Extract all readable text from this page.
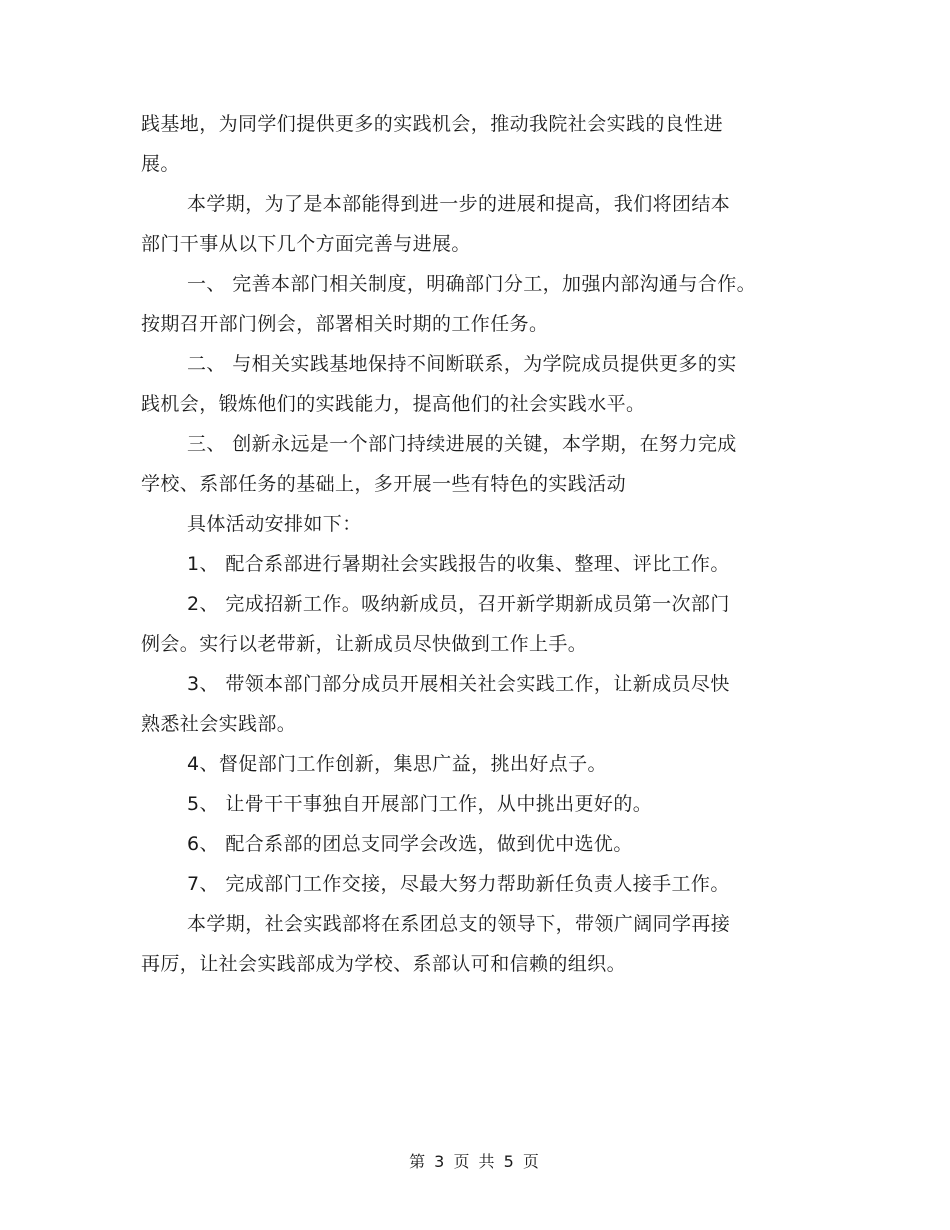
践基地，为同学们提供更多的实践机会，推动我院社会实践的良性进
展。
本学期，为了是本部能得到进一步的进展和提高，我们将团结本
部门干事从以下几个方面完善与进展。
一、 完善本部门相关制度，明确部门分工，加强内部沟通与合作。
按期召开部门例会，部署相关时期的工作任务。
二、 与相关实践基地保持不间断联系，为学院成员提供更多的实
践机会，锻炼他们的实践能力，提高他们的社会实践水平。
三、 创新永远是一个部门持续进展的关键，本学期，在努力完成
学校、系部任务的基础上，多开展一些有特色的实践活动
具体活动安排如下：
1、 配合系部进行暑期社会实践报告的收集、整理、评比工作。
2、 完成招新工作。吸纳新成员，召开新学期新成员第一次部门
例会。实行以老带新，让新成员尽快做到工作上手。
3、 带领本部门部分成员开展相关社会实践工作，让新成员尽快
熟悉社会实践部。
4、督促部门工作创新，集思广益，挑出好点子。
5、 让骨干干事独自开展部门工作，从中挑出更好的。
6、 配合系部的团总支同学会改选，做到优中选优。
7、 完成部门工作交接，尽最大努力帮助新任负责人接手工作。
本学期，社会实践部将在系团总支的领导下，带领广阔同学再接
再厉，让社会实践部成为学校、系部认可和信赖的组织。
第 3 页 共 5 页
